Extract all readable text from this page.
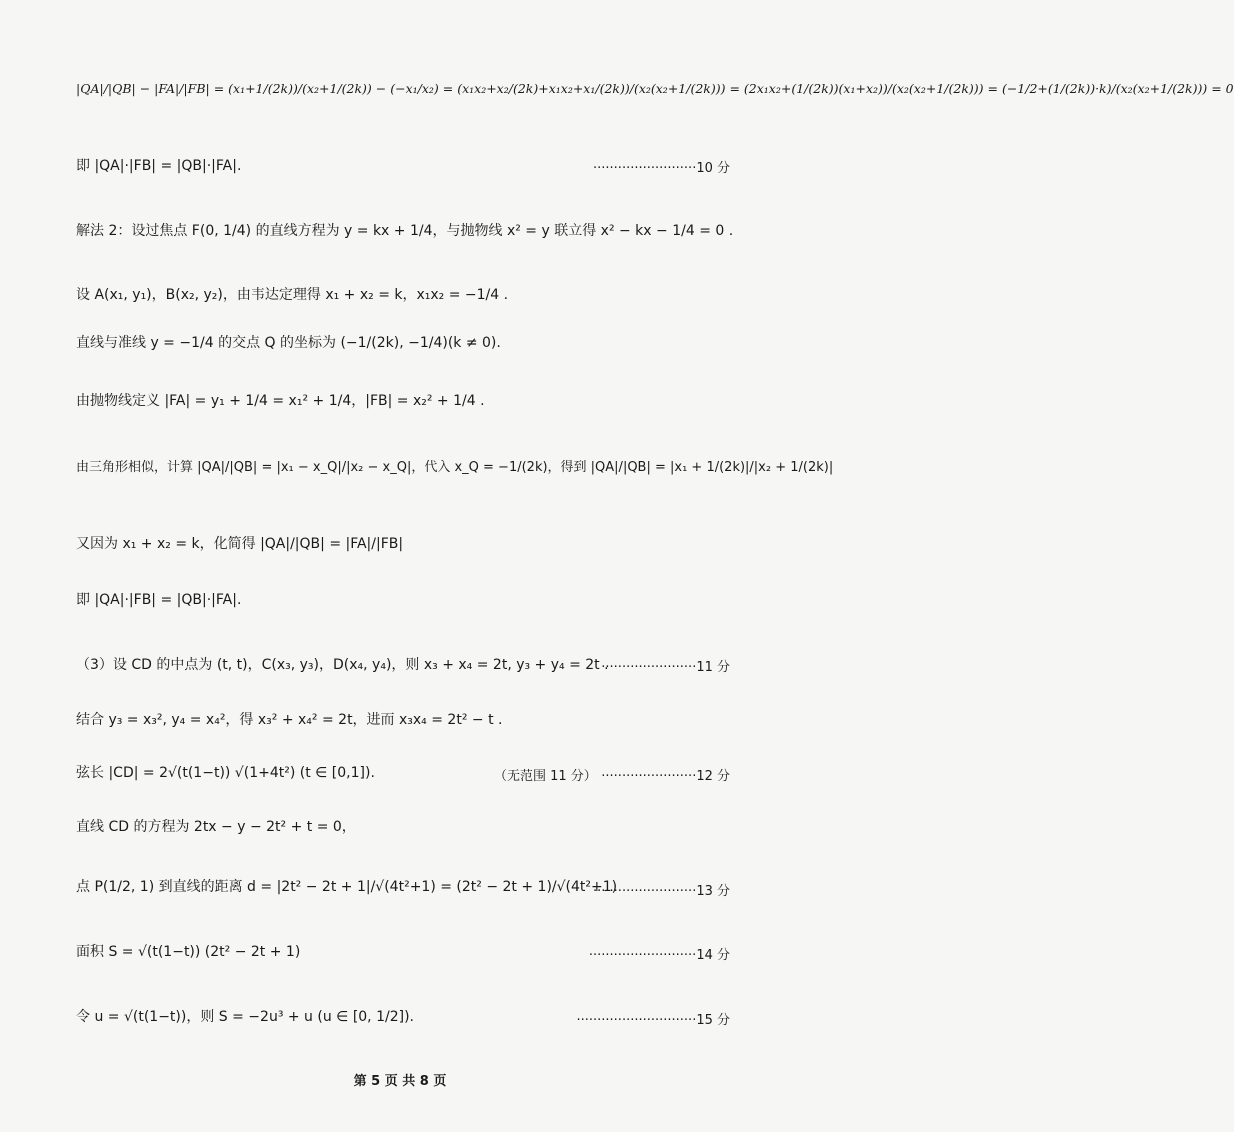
|QA|/|QB| − |FA|/|FB| = (x₁+1/(2k))/(x₂+1/(2k)) − (−x₁/x₂) = (x₁x₂+x₂/(2k)+x₁x₂+x₁/(2k))/(x₂(x₂+1/(2k))) = (2x₁x₂+(1/(2k))(x₁+x₂))/(x₂(x₂+1/(2k))) = (−1/2+(1/(2k))·k)/(x₂(x₂+1/(2k))) = 0
即 |QA|·|FB| = |QB|·|FA|.	·························10 分
解法 2：设过焦点 F(0, 1/4) 的直线方程为 y = kx + 1/4，与抛物线 x² = y 联立得 x² − kx − 1/4 = 0 .
设 A(x₁, y₁)，B(x₂, y₂)，由韦达定理得 x₁ + x₂ = k，x₁x₂ = −1/4 .
直线与准线 y = −1/4 的交点 Q 的坐标为 (−1/(2k), −1/4)(k ≠ 0).
由抛物线定义 |FA| = y₁ + 1/4 = x₁² + 1/4，|FB| = x₂² + 1/4 .
由三角形相似，计算 |QA|/|QB| = |x₁ − x_Q|/|x₂ − x_Q|，代入 x_Q = −1/(2k)，得到 |QA|/|QB| = |x₁ + 1/(2k)|/|x₂ + 1/(2k)|
又因为 x₁ + x₂ = k，化简得 |QA|/|QB| = |FA|/|FB|
即 |QA|·|FB| = |QB|·|FA|.
（3）设 CD 的中点为 (t, t)，C(x₃, y₃)，D(x₄, y₄)，则 x₃ + x₄ = 2t, y₃ + y₄ = 2t .
·······················11 分
结合 y₃ = x₃², y₄ = x₄²，得 x₃² + x₄² = 2t，进而 x₃x₄ = 2t² − t .
弦长 |CD| = 2√(t(1−t)) √(1+4t²) (t ∈ [0,1]).	（无范围 11 分） ·······················12 分
直线 CD 的方程为 2tx − y − 2t² + t = 0，
点 P(1/2, 1) 到直线的距离 d = |2t² − 2t + 1|/√(4t²+1) = (2t² − 2t + 1)/√(4t²+1)
·························13 分
面积 S = √(t(1−t)) (2t² − 2t + 1)	··························14 分
令 u = √(t(1−t))，则 S = −2u³ + u (u ∈ [0, 1/2]).	·····························15 分
第 5 页 共 8 页
